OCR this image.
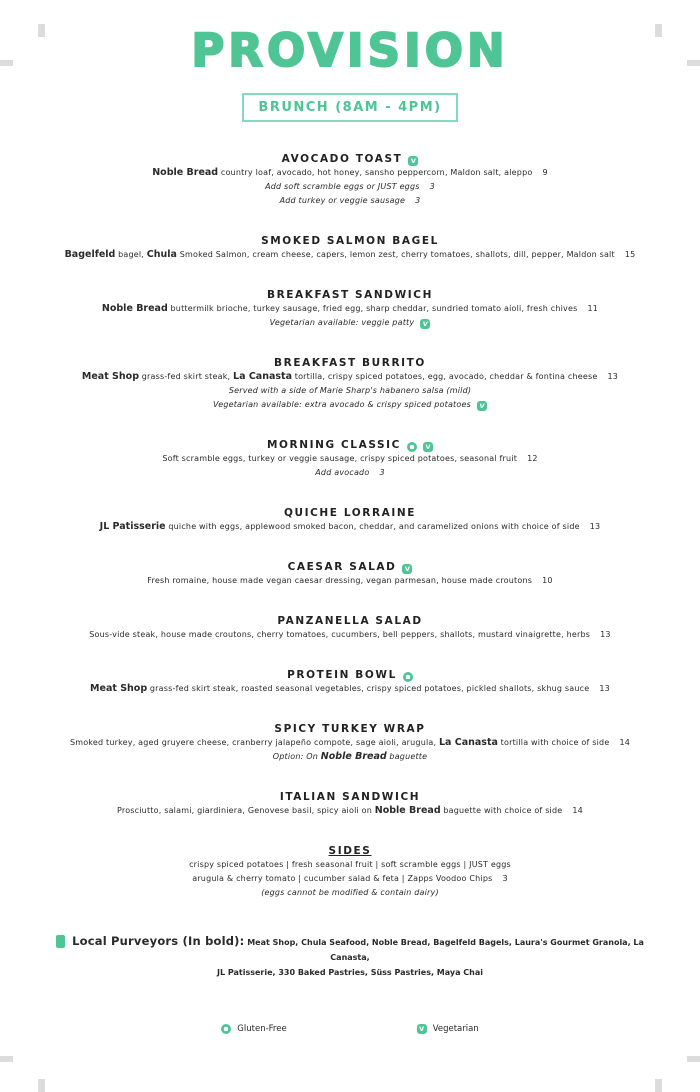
PROVISION
BRUNCH (8AM - 4PM)
AVOCADO TOAST V
Noble Bread country loaf, avocado, hot honey, sansho peppercorn, Maldon salt, aleppo 9
Add soft scramble eggs or JUST eggs 3
Add turkey or veggie sausage 3
SMOKED SALMON BAGEL
Bagelfeld bagel, Chula Smoked Salmon, cream cheese, capers, lemon zest, cherry tomatoes, shallots, dill, pepper, Maldon salt 15
BREAKFAST SANDWICH
Noble Bread buttermilk brioche, turkey sausage, fried egg, sharp cheddar, sundried tomato aioli, fresh chives 11
Vegetarian available: veggie patty V
BREAKFAST BURRITO
Meat Shop grass-fed skirt steak, La Canasta tortilla, crispy spiced potatoes, egg, avocado, cheddar & fontina cheese 13
Served with a side of Marie Sharp's habanero salsa (mild)
Vegetarian available: extra avocado & crispy spiced potatoes V
MORNING CLASSIC	V
Soft scramble eggs, turkey or veggie sausage, crispy spiced potatoes, seasonal fruit 12
Add avocado 3
QUICHE LORRAINE
JL Patisserie quiche with eggs, applewood smoked bacon, cheddar, and caramelized onions with choice of side 13
CAESAR SALAD V
Fresh romaine, house made vegan caesar dressing, vegan parmesan, house made croutons 10
PANZANELLA SALAD
Sous-vide steak, house made croutons, cherry tomatoes, cucumbers, bell peppers, shallots, mustard vinaigrette, herbs 13
PROTEIN BOWL
Meat Shop grass-fed skirt steak, roasted seasonal vegetables, crispy spiced potatoes, pickled shallots, skhug sauce 13
SPICY TURKEY WRAP
Smoked turkey, aged gruyere cheese, cranberry jalapeño compote, sage aioli, arugula, La Canasta tortilla with choice of side 14
Option: On Noble Bread baguette
ITALIAN SANDWICH
Prosciutto, salami, giardiniera, Genovese basil, spicy aioli on Noble Bread baguette with choice of side 14
SIDES
crispy spiced potatoes | fresh seasonal fruit | soft scramble eggs | JUST eggs
arugula & cherry tomato | cucumber salad & feta | Zapps Voodoo Chips 3
(eggs cannot be modified & contain dairy)
Local Purveyors (In bold): Meat Shop, Chula Seafood, Noble Bread, Bagelfeld Bagels, Laura's Gourmet Granola, La Canasta,
JL Patisserie, 330 Baked Pastries, Süss Pastries, Maya Chai
Gluten-Free	V Vegetarian
